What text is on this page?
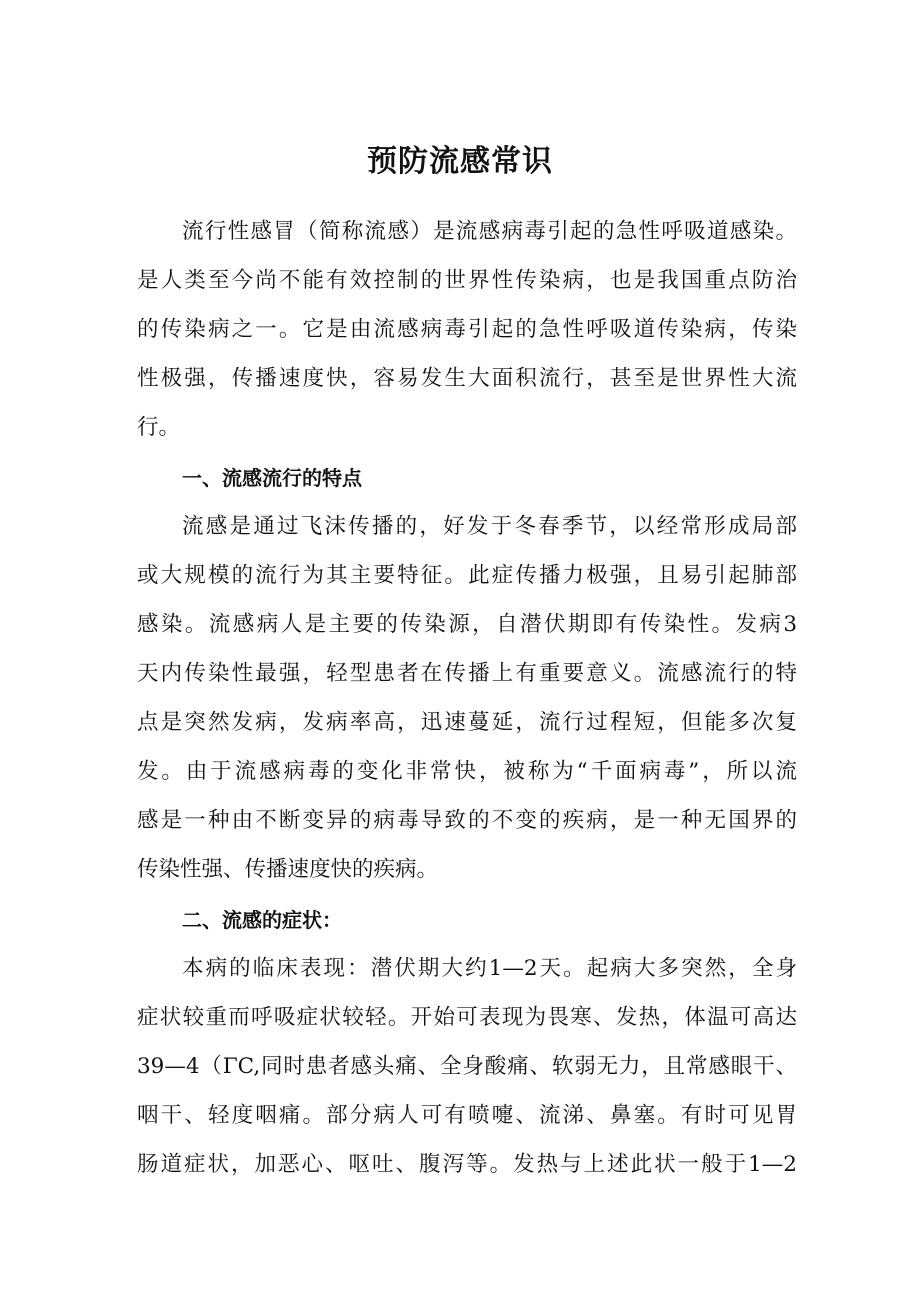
预防流感常识
流行性感冒（简称流感）是流感病毒引起的急性呼吸道感染。
是人类至今尚不能有效控制的世界性传染病，也是我国重点防治
的传染病之一。它是由流感病毒引起的急性呼吸道传染病，传染
性极强，传播速度快，容易发生大面积流行，甚至是世界性大流
行。
一、流感流行的特点
流感是通过飞沫传播的，好发于冬春季节，以经常形成局部
或大规模的流行为其主要特征。此症传播力极强，且易引起肺部
感染。流感病人是主要的传染源，自潜伏期即有传染性。发病3
天内传染性最强，轻型患者在传播上有重要意义。流感流行的特
点是突然发病，发病率高，迅速蔓延，流行过程短，但能多次复
发。由于流感病毒的变化非常快，被称为“千面病毒”，所以流
感是一种由不断变异的病毒导致的不变的疾病，是一种无国界的
传染性强、传播速度快的疾病。
二、流感的症状：
本病的临床表现：潜伏期大约1—2天。起病大多突然，全身
症状较重而呼吸症状较轻。开始可表现为畏寒、发热，体温可高达
39—4（ΓC,同时患者感头痛、全身酸痛、软弱无力，且常感眼干、
咽干、轻度咽痛。部分病人可有喷嚏、流涕、鼻塞。有时可见胃
肠道症状，加恶心、呕吐、腹泻等。发热与上述此状一般于1—2
